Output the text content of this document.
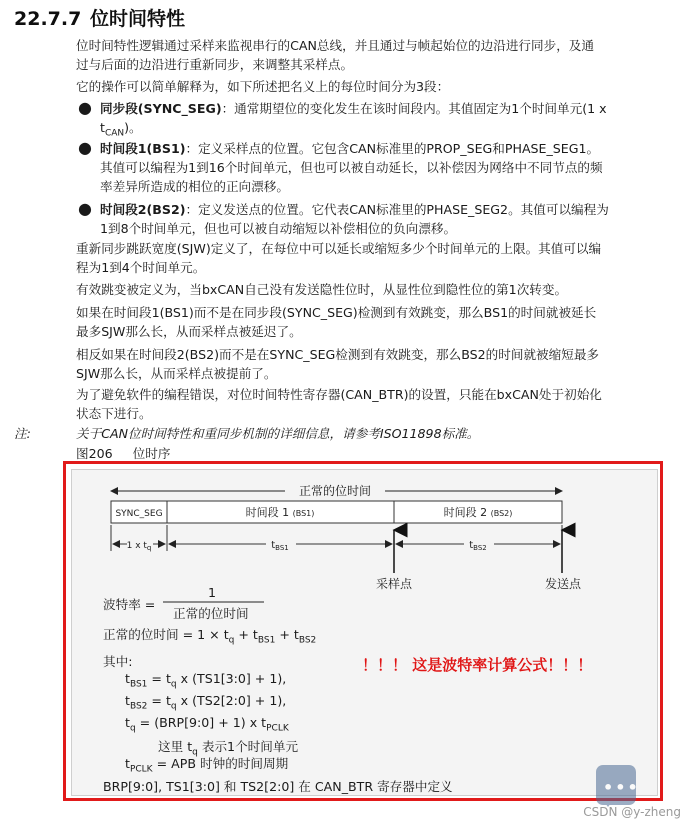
22.7.7 位时间特性
位时间特性逻辑通过采样来监视串行的CAN总线，并且通过与帧起始位的边沿进行同步，及通
过与后面的边沿进行重新同步，来调整其采样点。
它的操作可以简单解释为，如下所述把名义上的每位时间分为3段：
● 同步段(SYNC_SEG)：通常期望位的变化发生在该时间段内。其值固定为1个时间单元(1 x
$t_{CAN}$)。
● 时间段1(BS1)：定义采样点的位置。它包含CAN标准里的PROP_SEG和PHASE_SEG1。
其值可以编程为1到16个时间单元，但也可以被自动延长，以补偿因为网络中不同节点的频
率差异所造成的相位的正向漂移。
● 时间段2(BS2)：定义发送点的位置。它代表CAN标准里的PHASE_SEG2。其值可以编程为
1到8个时间单元，但也可以被自动缩短以补偿相位的负向漂移。
重新同步跳跃宽度(SJW)定义了，在每位中可以延长或缩短多少个时间单元的上限。其值可以编
程为1到4个时间单元。
有效跳变被定义为，当bxCAN自己没有发送隐性位时，从显性位到隐性位的第1次转变。
如果在时间段1(BS1)而不是在同步段(SYNC_SEG)检测到有效跳变，那么BS1的时间就被延长
最多SJW那么长，从而采样点被延迟了。
相反如果在时间段2(BS2)而不是在SYNC_SEG检测到有效跳变，那么BS2的时间就被缩短最多
SJW那么长，从而采样点被提前了。
为了避免软件的编程错误，对位时间特性寄存器(CAN_BTR)的设置，只能在bxCAN处于初始化
状态下进行。
注:	关于CAN位时间特性和重同步机制的详细信息，请参考ISO11898标准。
图206 位时序
正常的位时间
SYNC_SEG	时间段 1 (BS1)	时间段 2 (BS2)
1 x $t_q$	$t_{BS1}$	$t_{BS2}$
采样点	发送点
波特率 =
1
正常的位时间
正常的位时间 = $1 \times t_q + t_{BS1} + t_{BS2}$
其中:
$t_{BS1} = t_q$ x (TS1[3:0] + 1),
$t_{BS2} = t_q$ x (TS2[2:0] + 1),
$t_q$ = (BRP[9:0] + 1) x $t_{PCLK}$
这里 $t_q$ 表示1个时间单元
$t_{PCLK}$ = APB 时钟的时间周期
BRP[9:0], TS1[3:0] 和 TS2[2:0] 在 CAN_BTR 寄存器中定义
！！！ 这是波特率计算公式！！！
•••
CSDN @y-zheng
